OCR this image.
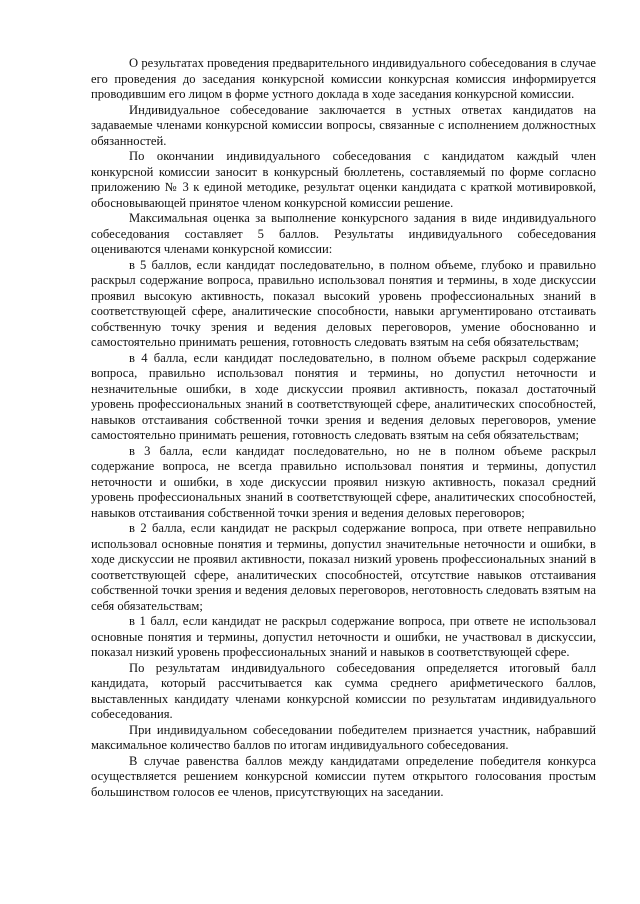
О результатах проведения предварительного индивидуального собеседования в случае его проведения до заседания конкурсной комиссии конкурсная комиссия информируется проводившим его лицом в форме устного доклада в ходе заседания конкурсной комиссии.

Индивидуальное собеседование заключается в устных ответах кандидатов на задаваемые членами конкурсной комиссии вопросы, связанные с исполнением должностных обязанностей.

По окончании индивидуального собеседования с кандидатом каждый член конкурсной комиссии заносит в конкурсный бюллетень, составляемый по форме согласно приложению № 3 к единой методике, результат оценки кандидата с краткой мотивировкой, обосновывающей принятое членом конкурсной комиссии решение.

Максимальная оценка за выполнение конкурсного задания в виде индивидуального собеседования составляет 5 баллов. Результаты индивидуального собеседования оцениваются членами конкурсной комиссии:

в 5 баллов, если кандидат последовательно, в полном объеме, глубоко и правильно раскрыл содержание вопроса, правильно использовал понятия и термины, в ходе дискуссии проявил высокую активность, показал высокий уровень профессиональных знаний в соответствующей сфере, аналитические способности, навыки аргументировано отстаивать собственную точку зрения и ведения деловых переговоров, умение обоснованно и самостоятельно принимать решения, готовность следовать взятым на себя обязательствам;

в 4 балла, если кандидат последовательно, в полном объеме раскрыл содержание вопроса, правильно использовал понятия и термины, но допустил неточности и незначительные ошибки, в ходе дискуссии проявил активность, показал достаточный уровень профессиональных знаний в соответствующей сфере, аналитических способностей, навыков отстаивания собственной точки зрения и ведения деловых переговоров, умение самостоятельно принимать решения, готовность следовать взятым на себя обязательствам;

в 3 балла, если кандидат последовательно, но не в полном объеме раскрыл содержание вопроса, не всегда правильно использовал понятия и термины, допустил неточности и ошибки, в ходе дискуссии проявил низкую активность, показал средний уровень профессиональных знаний в соответствующей сфере, аналитических способностей, навыков отстаивания собственной точки зрения и ведения деловых переговоров;

в 2 балла, если кандидат не раскрыл содержание вопроса, при ответе неправильно использовал основные понятия и термины, допустил значительные неточности и ошибки, в ходе дискуссии не проявил активности, показал низкий уровень профессиональных знаний в соответствующей сфере, аналитических способностей, отсутствие навыков отстаивания собственной точки зрения и ведения деловых переговоров, неготовность следовать взятым на себя обязательствам;

в 1 балл, если кандидат не раскрыл содержание вопроса, при ответе не использовал основные понятия и термины, допустил неточности и ошибки, не участвовал в дискуссии, показал низкий уровень профессиональных знаний и навыков в соответствующей сфере.

По результатам индивидуального собеседования определяется итоговый балл кандидата, который рассчитывается как сумма среднего арифметического баллов, выставленных кандидату членами конкурсной комиссии по результатам индивидуального собеседования.

При индивидуальном собеседовании победителем признается участник, набравший максимальное количество баллов по итогам индивидуального собеседования.

В случае равенства баллов между кандидатами определение победителя конкурса осуществляется решением конкурсной комиссии путем открытого голосования простым большинством голосов ее членов, присутствующих на заседании.
